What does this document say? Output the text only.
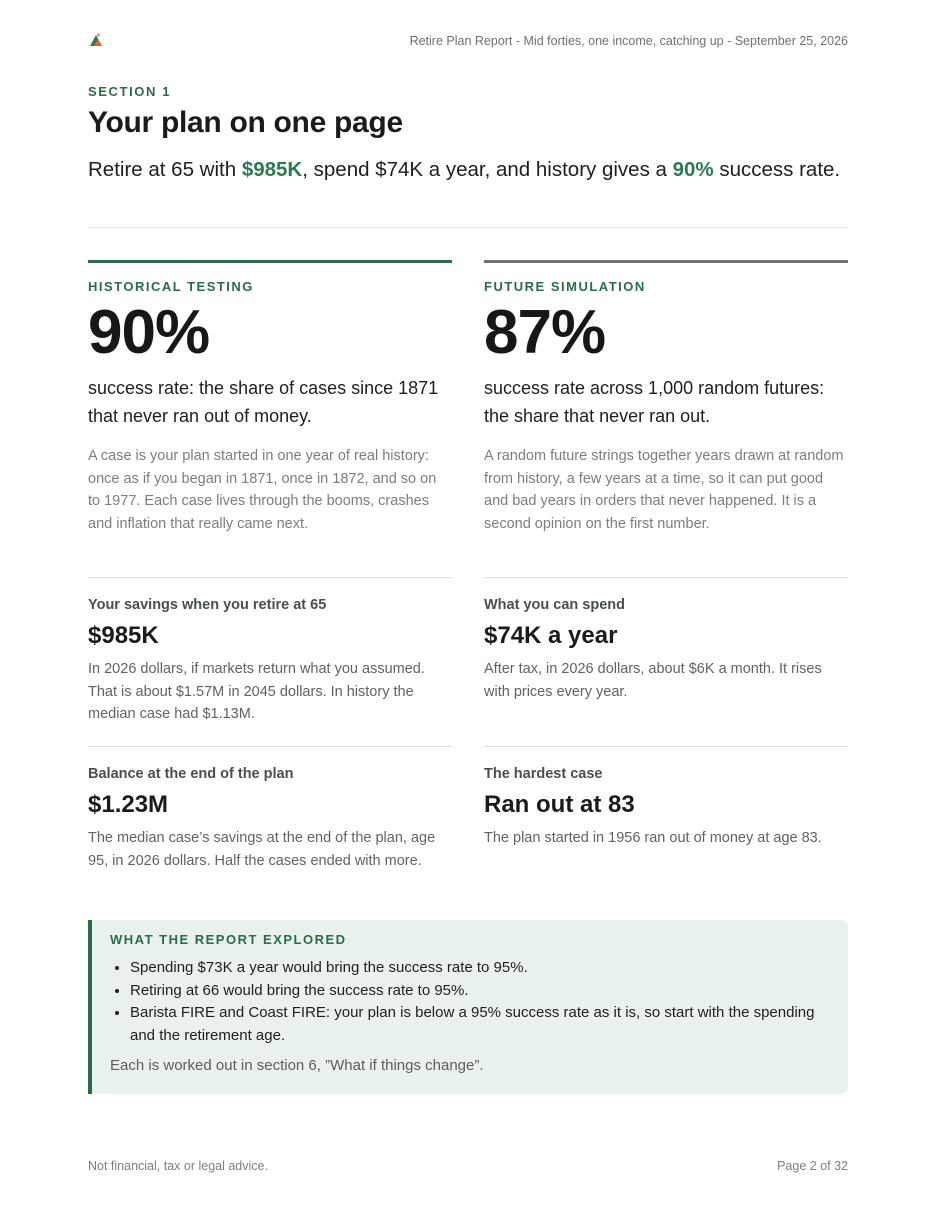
Retire Plan Report - Mid forties, one income, catching up - September 25, 2026
SECTION 1
Your plan on one page
Retire at 65 with $985K, spend $74K a year, and history gives a 90% success rate.
HISTORICAL TESTING
90%
success rate: the share of cases since 1871 that never ran out of money.
A case is your plan started in one year of real history: once as if you began in 1871, once in 1872, and so on to 1977. Each case lives through the booms, crashes and inflation that really came next.
FUTURE SIMULATION
87%
success rate across 1,000 random futures: the share that never ran out.
A random future strings together years drawn at random from history, a few years at a time, so it can put good and bad years in orders that never happened. It is a second opinion on the first number.
Your savings when you retire at 65
$985K
In 2026 dollars, if markets return what you assumed. That is about $1.57M in 2045 dollars. In history the median case had $1.13M.
What you can spend
$74K a year
After tax, in 2026 dollars, about $6K a month. It rises with prices every year.
Balance at the end of the plan
$1.23M
The median case’s savings at the end of the plan, age 95, in 2026 dollars. Half the cases ended with more.
The hardest case
Ran out at 83
The plan started in 1956 ran out of money at age 83.
WHAT THE REPORT EXPLORED
• Spending $73K a year would bring the success rate to 95%.
• Retiring at 66 would bring the success rate to 95%.
• Barista FIRE and Coast FIRE: your plan is below a 95% success rate as it is, so start with the spending and the retirement age.
Each is worked out in section 6, ”What if things change”.
Not financial, tax or legal advice.	Page 2 of 32
